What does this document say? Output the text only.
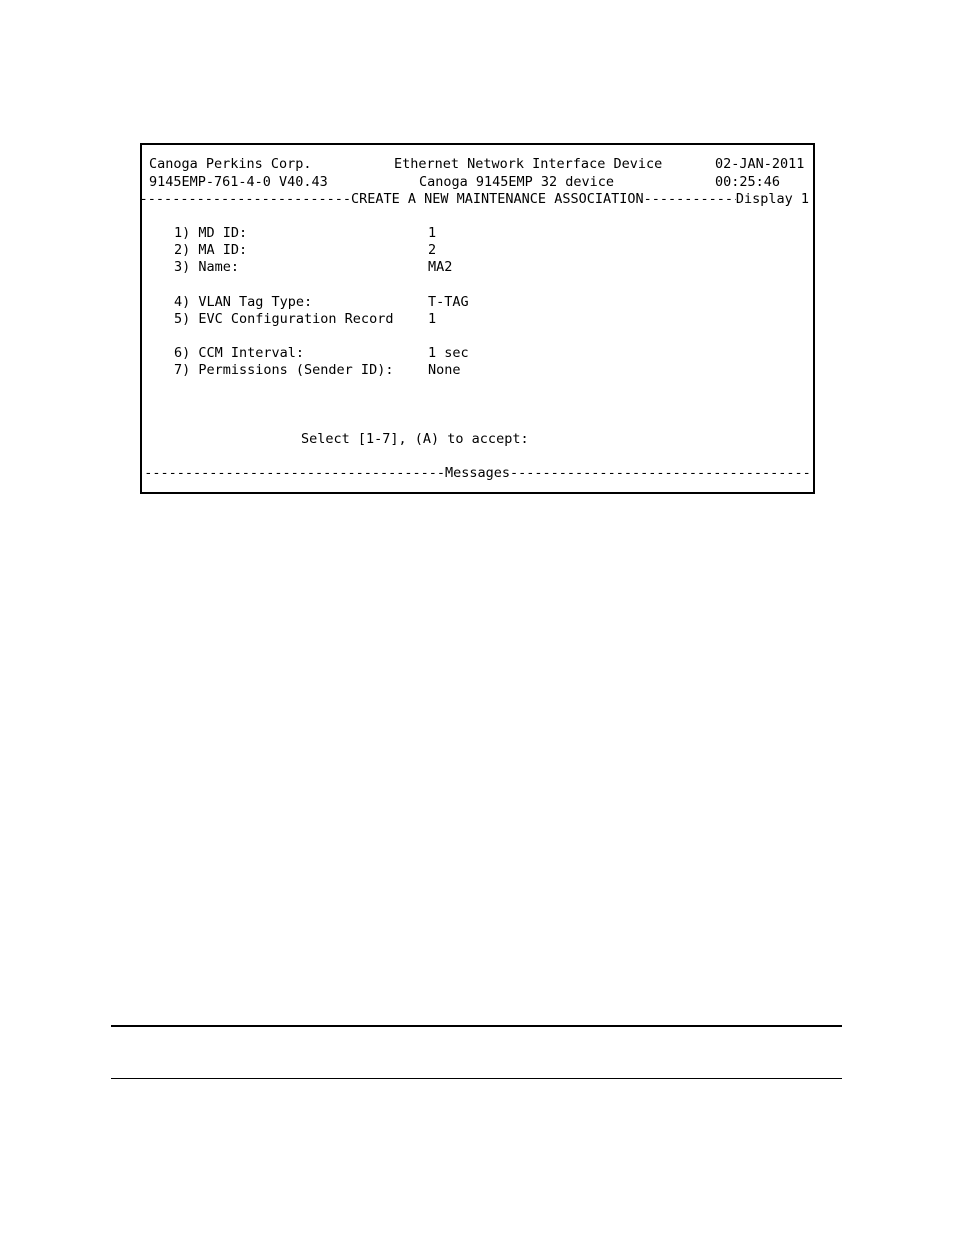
Canoga Perkins Corp.	Ethernet Network Interface Device	02-JAN-2011
9145EMP-761-4-0 V40.43	Canoga 9145EMP 32 device	00:25:46
-----
CREATE A NEW MAINTENANCE ASSOCIATION -----	Display 1
1) MD ID:	1
2) MA ID:	2
3) Name:	MA2
4) VLAN Tag Type:	T-TAG
5) EVC Configuration Record	1
6) CCM Interval:	1 sec
7) Permissions (Sender ID):	None
Select [1-7], (A) to accept:
-----
Messages
-----
